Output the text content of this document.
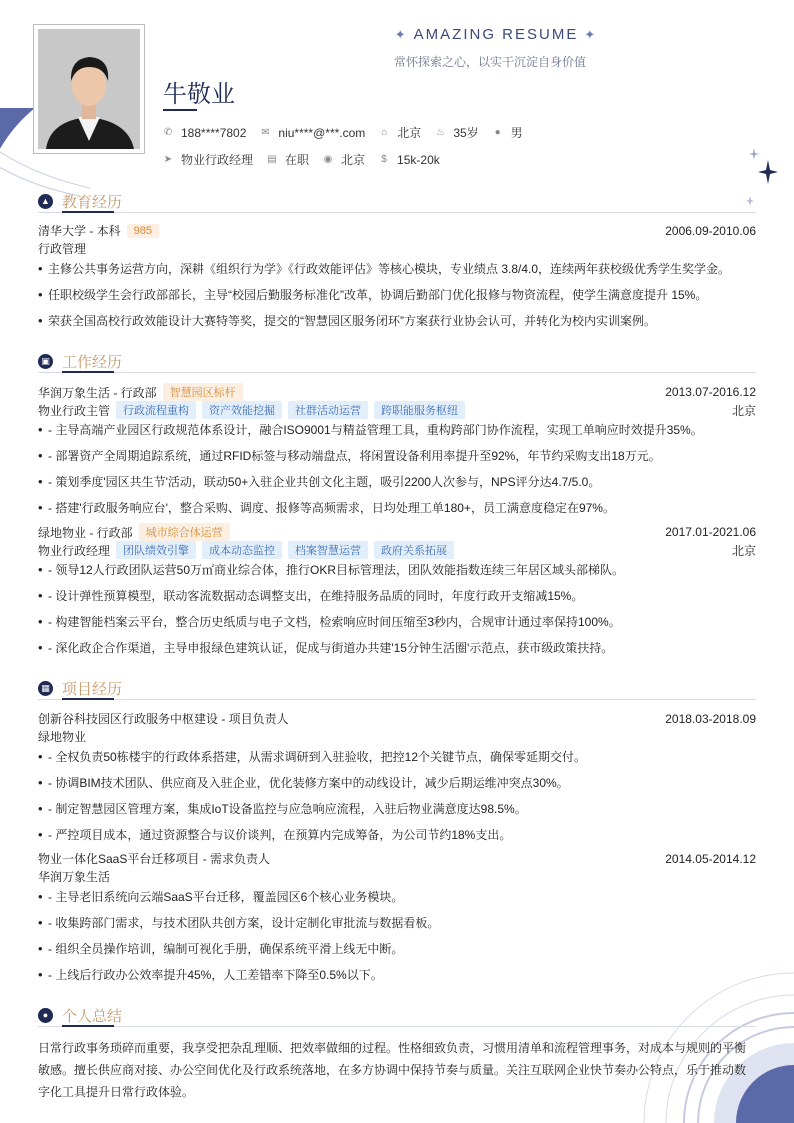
✦ AMAZING RESUME ✦
常怀探索之心，以实干沉淀自身价值
牛敬业
✆ 188****7802 ✉ niu****@***.com ⌂ 北京 ♨ 35岁 ● 男
➤ 物业行政经理 ▤ 在职 ◉ 北京 $ 15k-20k
▲ 教育经历
清华大学 - 本科	985	2006.09-2010.06
行政管理
• 主修公共事务运营方向，深耕《组织行为学》《行政效能评估》等核心模块，专业绩点 3.8/4.0，连续两年获校级优秀学生奖学金。
• 任职校级学生会行政部部长，主导“校园后勤服务标准化”改革，协调后勤部门优化报修与物资流程，使学生满意度提升 15%。
• 荣获全国高校行政效能设计大赛特等奖，提交的“智慧园区服务闭环”方案获行业协会认可，并转化为校内实训案例。
▣ 工作经历
华润万象生活 - 行政部	智慧园区标杆	2013.07-2016.12
物业行政主管	行政流程重构	资产效能挖掘	社群活动运营	跨职能服务枢纽	北京
• - 主导高端产业园区行政规范体系设计，融合ISO9001与精益管理工具，重构跨部门协作流程，实现工单响应时效提升35%。
• - 部署资产全周期追踪系统，通过RFID标签与移动端盘点，将闲置设备利用率提升至92%，年节约采购支出18万元。
• - 策划季度'园区共生节'活动，联动50+入驻企业共创文化主题，吸引2200人次参与，NPS评分达4.7/5.0。
• - 搭建'行政服务响应台'，整合采购、调度、报修等高频需求，日均处理工单180+，员工满意度稳定在97%。
绿地物业 - 行政部	城市综合体运营	2017.01-2021.06
物业行政经理	团队绩效引擎	成本动态监控	档案智慧运营	政府关系拓展	北京
• - 领导12人行政团队运营50万㎡商业综合体，推行OKR目标管理法，团队效能指数连续三年居区域头部梯队。
• - 设计弹性预算模型，联动客流数据动态调整支出，在维持服务品质的同时，年度行政开支缩减15%。
• - 构建智能档案云平台，整合历史纸质与电子文档，检索响应时间压缩至3秒内，合规审计通过率保持100%。
• - 深化政企合作渠道，主导申报绿色建筑认证，促成与街道办共建'15分钟生活圈'示范点，获市级政策扶持。
▦ 项目经历
创新谷科技园区行政服务中枢建设 - 项目负责人	2018.03-2018.09
绿地物业
• - 全权负责50栋楼宇的行政体系搭建，从需求调研到入驻验收，把控12个关键节点，确保零延期交付。
• - 协调BIM技术团队、供应商及入驻企业，优化装修方案中的动线设计，减少后期运维冲突点30%。
• - 制定智慧园区管理方案，集成IoT设备监控与应急响应流程，入驻后物业满意度达98.5%。
• - 严控项目成本，通过资源整合与议价谈判，在预算内完成筹备，为公司节约18%支出。
物业一体化SaaS平台迁移项目 - 需求负责人	2014.05-2014.12
华润万象生活
• - 主导老旧系统向云端SaaS平台迁移，覆盖园区6个核心业务模块。
• - 收集跨部门需求，与技术团队共创方案，设计定制化审批流与数据看板。
• - 组织全员操作培训，编制可视化手册，确保系统平滑上线无中断。
• - 上线后行政办公效率提升45%，人工差错率下降至0.5%以下。
● 个人总结
日常行政事务琐碎而重要，我享受把杂乱理顺、把效率做细的过程。性格细致负责，习惯用清单和流程管理事务，对成本与规则的平衡敏感。擅长供应商对接、办公空间优化及行政系统落地，在多方协调中保持节奏与质量。关注互联网企业快节奏办公特点，乐于推动数字化工具提升日常行政体验。
